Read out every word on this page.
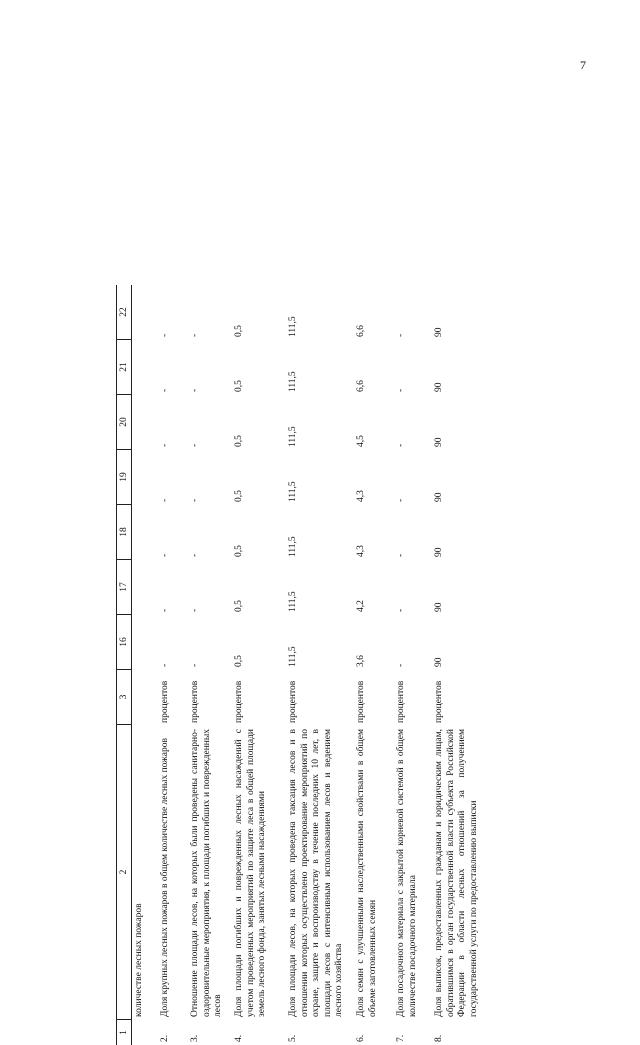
7
1
2
3
16
17
18
19
20
21
22
количестве лесных пожаров
2.
Доля крупных лесных пожаров в общем количестве лесных пожаров
процентов
-
-
-
-
-
-
-
3.
Отношение площади лесов, на которых были проведены санитарно-оздоровительные мероприятия, к площади погибших и поврежденных лесов
процентов
-
-
-
-
-
-
-
4.
Доля площади погибших и поврежденных лесных насаждений с учетом проведенных мероприятий по защите леса в общей площади земель лесного фонда, занятых лесными насаждениями
процентов
0,5
0,5
0,5
0,5
0,5
0,5
0,5
5.
Доля площади лесов, на которых проведена таксация лесов и в отношении которых осуществлено проектирование мероприятий по охране, защите и воспроизводству в течение последних 10 лет, в площади лесов с интенсивным использованием лесов и ведением лесного хозяйства
процентов
111,5
111,5
111,5
111,5
111,5
111,5
111,5
6.
Доля семян с улучшенными наследственными свойствами в общем объеме заготовленных семян
процентов
3,6
4,2
4,3
4,3
4,5
6,6
6,6
7.
Доля посадочного материала с закрытой корневой системой в общем количестве посадочного материала
процентов
-
-
-
-
-
-
-
8.
Доля выписок, предоставленных гражданам и юридическим лицам, обратившимся в орган государственной власти субъекта Российской Федерации в области лесных отношений за получением государственной услуги по предоставлению выписки
процентов
90
90
90
90
90
90
90
